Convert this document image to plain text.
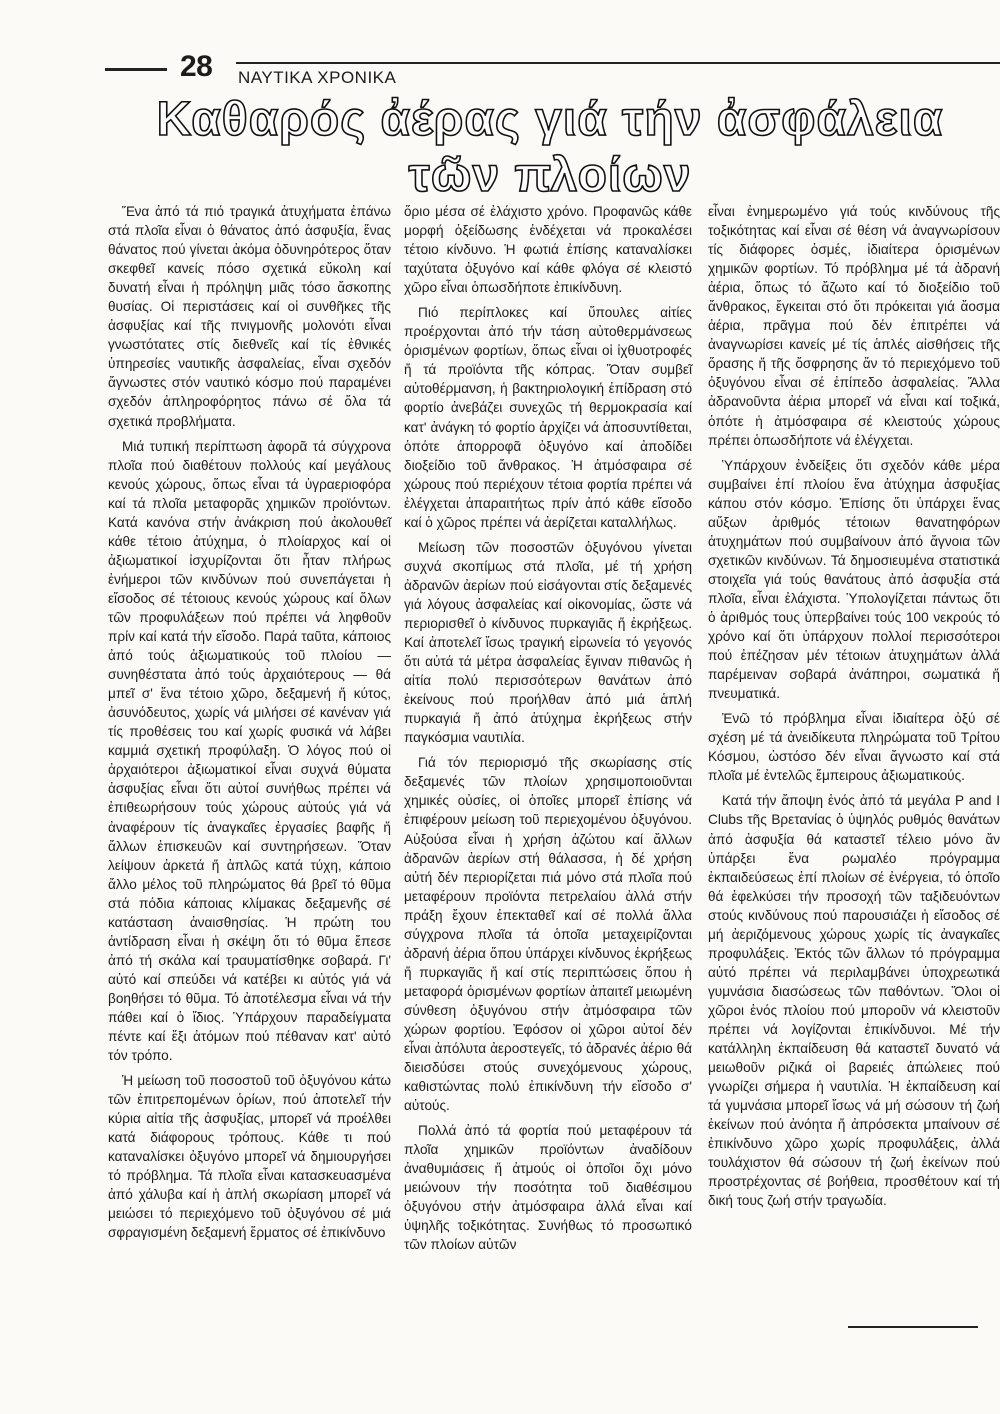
28 ΝΑΥΤΙΚΑ ΧΡΟΝΙΚΑ
Καθαρός ἀέρας γιά τήν ἀσφάλεια τῶν πλοίων

Ἕνα ἀπό τά πιό τραγικά ἀτυχήματα ἐπάνω στά πλοῖα εἶναι ὁ θάνατος ἀπό ἀσφυξία, ἕνας θάνατος πού γίνεται ἀκόμα ὀδυνηρότερος ὅταν σκεφθεῖ κανείς πόσο σχετικά εὔκολη καί δυνατή εἶναι ἡ πρόληψη μιᾶς τόσο ἄσκοπης θυσίας. Οἱ περιστάσεις καί οἱ συνθῆκες τῆς ἀσφυξίας καί τῆς πνιγμονῆς μολονότι εἶναι γνωστότατες στίς διεθνεῖς καί τίς ἐθνικές ὑπηρεσίες ναυτικῆς ἀσφαλείας, εἶναι σχεδόν ἄγνωστες στόν ναυτικό κόσμο πού παραμένει σχεδόν ἀπληροφόρητος πάνω σέ ὅλα τά σχετικά προβλήματα.

Μιά τυπική περίπτωση ἀφορᾶ τά σύγχρονα πλοῖα πού διαθέτουν πολλούς καί μεγάλους κενούς χώρους, ὅπως εἶναι τά ὑγραεριοφόρα καί τά πλοῖα μεταφορᾶς χημικῶν προϊόντων. Κατά κανόνα στήν ἀνάκριση πού ἀκολουθεῖ κάθε τέτοιο ἀτύχημα, ὁ πλοίαρχος καί οἱ ἀξιωματικοί ἰσχυρίζονται ὅτι ἦταν πλήρως ἐνήμεροι τῶν κινδύνων πού συνεπάγεται ἡ εἴσοδος σέ τέτοιους κενούς χώρους καί ὅλων τῶν προφυλάξεων πού πρέπει νά ληφθοῦν πρίν καί κατά τήν εἴσοδο. Παρά ταῦτα, κάποιος ἀπό τούς ἀξιωματικούς τοῦ πλοίου — συνηθέστατα ἀπό τούς ἀρχαιότερους — θά μπεῖ σ' ἕνα τέτοιο χῶρο, δεξαμενή ἤ κύτος, ἀσυνόδευτος, χωρίς νά μιλήσει σέ κανέναν γιά τίς προθέσεις του καί χωρίς φυσικά νά λάβει καμμιά σχετική προφύλαξη. Ὁ λόγος πού οἱ ἀρχαιότεροι ἀξιωματικοί εἶναι συχνά θύματα ἀσφυξίας εἶναι ὅτι αὐτοί συνήθως πρέπει νά ἐπιθεωρήσουν τούς χώρους αὐτούς γιά νά ἀναφέρουν τίς ἀναγκαῖες ἐργασίες βαφῆς ἤ ἄλλων ἐπισκευῶν καί συντηρήσεων. Ὅταν λείψουν ἀρκετά ἤ ἁπλῶς κατά τύχη, κάποιο ἄλλο μέλος τοῦ πληρώματος θά βρεῖ τό θῦμα στά πόδια κάποιας κλίμακας δεξαμενῆς σέ κατάσταση ἀναισθησίας. Ἡ πρώτη του ἀντίδραση εἶναι ἡ σκέψη ὅτι τό θῦμα ἔπεσε ἀπό τή σκάλα καί τραυματίσθηκε σοβαρά. Γι' αὐτό καί σπεύδει νά κατέβει κι αὐτός γιά νά βοηθήσει τό θῦμα. Τό ἀποτέλεσμα εἶναι νά τήν πάθει καί ὁ ἴδιος. Ὑπάρχουν παραδείγματα πέντε καί ἕξι ἀτόμων πού πέθαναν κατ' αὐτό τόν τρόπο.

Ἡ μείωση τοῦ ποσοστοῦ τοῦ ὀξυγόνου κάτω τῶν ἐπιτρεπομένων ὁρίων, πού ἀποτελεῖ τήν κύρια αἰτία τῆς ἀσφυξίας, μπορεῖ νά προέλθει κατά διάφορους τρόπους. Κάθε τι πού καταναλίσκει ὀξυγόνο μπορεῖ νά δημιουργήσει τό πρόβλημα. Τά πλοῖα εἶναι κατασκευασμένα ἀπό χάλυβα καί ἡ ἁπλή σκωρίαση μπορεῖ νά μειώσει τό περιεχόμενο τοῦ ὀξυγόνου σέ μιά σφραγισμένη δεξαμενή ἕρματος σέ ἐπικίνδυνο

ὅριο μέσα σέ ἐλάχιστο χρόνο. Προφανῶς κάθε μορφή ὀξείδωσης ἐνδέχεται νά προκαλέσει τέτοιο κίνδυνο. Ἡ φωτιά ἐπίσης καταναλίσκει ταχύτατα ὀξυγόνο καί κάθε φλόγα σέ κλειστό χῶρο εἶναι ὁπωσδήποτε ἐπικίνδυνη.

Πιό περίπλοκες καί ὕπουλες αἰτίες προέρχονται ἀπό τήν τάση αὐτοθερμάνσεως ὁρισμένων φορτίων, ὅπως εἶναι οἱ ἰχθυοτροφές ἤ τά προϊόντα τῆς κόπρας. Ὅταν συμβεῖ αὐτοθέρμανση, ἡ βακτηριολογική ἐπίδραση στό φορτίο ἀνεβάζει συνεχῶς τή θερμοκρασία καί κατ' ἀνάγκη τό φορτίο ἀρχίζει νά ἀποσυντίθεται, ὁπότε ἀπορροφᾶ ὀξυγόνο καί ἀποδίδει διοξείδιο τοῦ ἄνθρακος. Ἡ ἀτμόσφαιρα σέ χώρους πού περιέχουν τέτοια φορτία πρέπει νά ἐλέγχεται ἀπαραιτήτως πρίν ἀπό κάθε εἴσοδο καί ὁ χῶρος πρέπει νά ἀερίζεται καταλλήλως.

Μείωση τῶν ποσοστῶν ὀξυγόνου γίνεται συχνά σκοπίμως στά πλοῖα, μέ τή χρήση ἀδρανῶν ἀερίων πού εἰσάγονται στίς δεξαμενές γιά λόγους ἀσφαλείας καί οἰκονομίας, ὥστε νά περιορισθεῖ ὁ κίνδυνος πυρκαγιᾶς ἤ ἐκρήξεως. Καί ἀποτελεῖ ἴσως τραγική εἰρωνεία τό γεγονός ὅτι αὐτά τά μέτρα ἀσφαλείας ἔγιναν πιθανῶς ἡ αἰτία πολύ περισσότερων θανάτων ἀπό ἐκείνους πού προήλθαν ἀπό μιά ἁπλή πυρκαγιά ἤ ἀπό ἀτύχημα ἐκρήξεως στήν παγκόσμια ναυτιλία.

Γιά τόν περιορισμό τῆς σκωρίασης στίς δεξαμενές τῶν πλοίων χρησιμοποιοῦνται χημικές οὐσίες, οἱ ὁποῖες μπορεῖ ἐπίσης νά ἐπιφέρουν μείωση τοῦ περιεχομένου ὀξυγόνου. Αὐξούσα εἶναι ἡ χρήση ἀζώτου καί ἄλλων ἀδρανῶν ἀερίων στή θάλασσα, ἡ δέ χρήση αὐτή δέν περιορίζεται πιά μόνο στά πλοῖα πού μεταφέρουν προϊόντα πετρελαίου ἀλλά στήν πράξη ἔχουν ἐπεκταθεῖ καί σέ πολλά ἄλλα σύγχρονα πλοῖα τά ὁποῖα μεταχειρίζονται ἀδρανή ἀέρια ὅπου ὑπάρχει κίνδυνος ἐκρήξεως ἤ πυρκαγιᾶς ἤ καί στίς περιπτώσεις ὅπου ἡ μεταφορά ὁρισμένων φορτίων ἀπαιτεῖ μειωμένη σύνθεση ὀξυγόνου στήν ἀτμόσφαιρα τῶν χώρων φορτίου. Ἐφόσον οἱ χῶροι αὐτοί δέν εἶναι ἀπόλυτα ἀεροστεγεῖς, τό ἀδρανές ἀέριο θά διεισδύσει στούς συνεχόμενους χώρους, καθιστώντας πολύ ἐπικίνδυνη τήν εἴσοδο σ' αὐτούς.

Πολλά ἀπό τά φορτία πού μεταφέρουν τά πλοῖα χημικῶν προϊόντων ἀναδίδουν ἀναθυμιάσεις ἤ ἀτμούς οἱ ὁποῖοι ὄχι μόνο μειώνουν τήν ποσότητα τοῦ διαθέσιμου ὀξυγόνου στήν ἀτμόσφαιρα ἀλλά εἶναι καί ὑψηλῆς τοξικότητας. Συνήθως τό προσωπικό τῶν πλοίων αὐτῶν

εἶναι ἐνημερωμένο γιά τούς κινδύνους τῆς τοξικότητας καί εἶναι σέ θέση νά ἀναγνωρίσουν τίς διάφορες ὀσμές, ἰδιαίτερα ὁρισμένων χημικῶν φορτίων. Τό πρόβλημα μέ τά ἀδρανή ἀέρια, ὅπως τό ἄζωτο καί τό διοξείδιο τοῦ ἄνθρακος, ἔγκειται στό ὅτι πρόκειται γιά ἄοσμα ἀέρια, πρᾶγμα πού δέν ἐπιτρέπει νά ἀναγνωρίσει κανείς μέ τίς ἁπλές αἰσθήσεις τῆς ὅρασης ἤ τῆς ὄσφρησης ἄν τό περιεχόμενο τοῦ ὀξυγόνου εἶναι σέ ἐπίπεδο ἀσφαλείας. Ἄλλα ἀδρανοῦντα ἀέρια μπορεῖ νά εἶναι καί τοξικά, ὁπότε ἡ ἀτμόσφαιρα σέ κλειστούς χώρους πρέπει ὁπωσδήποτε νά ἐλέγχεται.

Ὑπάρχουν ἐνδείξεις ὅτι σχεδόν κάθε μέρα συμβαίνει ἐπί πλοίου ἕνα ἀτύχημα ἀσφυξίας κάπου στόν κόσμο. Ἐπίσης ὅτι ὑπάρχει ἕνας αὔξων ἀριθμός τέτοιων θανατηφόρων ἀτυχημάτων πού συμβαίνουν ἀπό ἄγνοια τῶν σχετικῶν κινδύνων. Τά δημοσιευμένα στατιστικά στοιχεῖα γιά τούς θανάτους ἀπό ἀσφυξία στά πλοῖα, εἶναι ἐλάχιστα. Ὑπολογίζεται πάντως ὅτι ὁ ἀριθμός τους ὑπερβαίνει τούς 100 νεκρούς τό χρόνο καί ὅτι ὑπάρχουν πολλοί περισσότεροι πού ἐπέζησαν μέν τέτοιων ἀτυχημάτων ἀλλά παρέμειναν σοβαρά ἀνάπηροι, σωματικά ἤ πνευματικά.

Ἐνῶ τό πρόβλημα εἶναι ἰδιαίτερα ὀξύ σέ σχέση μέ τά ἀνειδίκευτα πληρώματα τοῦ Τρίτου Κόσμου, ὡστόσο δέν εἶναι ἄγνωστο καί στά πλοῖα μέ ἐντελῶς ἔμπειρους ἀξιωματικούς.

Κατά τήν ἄποψη ἑνός ἀπό τά μεγάλα P and I Clubs τῆς Βρετανίας ὁ ὑψηλός ρυθμός θανάτων ἀπό ἀσφυξία θά καταστεῖ τέλειο μόνο ἄν ὑπάρξει ἕνα ρωμαλέο πρόγραμμα ἐκπαιδεύσεως ἐπί πλοίων σέ ἐνέργεια, τό ὁποῖο θά ἑφελκύσει τήν προσοχή τῶν ταξιδευόντων στούς κινδύνους πού παρουσιάζει ἡ εἴσοδος σέ μή ἀεριζόμενους χώρους χωρίς τίς ἀναγκαῖες προφυλάξεις. Ἐκτός τῶν ἄλλων τό πρόγραμμα αὐτό πρέπει νά περιλαμβάνει ὑποχρεωτικά γυμνάσια διασώσεως τῶν παθόντων. Ὅλοι οἱ χῶροι ἑνός πλοίου πού μποροῦν νά κλειστοῦν πρέπει νά λογίζονται ἐπικίνδυνοι. Μέ τήν κατάλληλη ἐκπαίδευση θά καταστεῖ δυνατό νά μειωθοῦν ριζικά οἱ βαρειές ἀπώλειες πού γνωρίζει σήμερα ἡ ναυτιλία. Ἡ ἐκπαίδευση καί τά γυμνάσια μπορεῖ ἴσως νά μή σώσουν τή ζωή ἐκείνων πού ἀνόητα ἤ ἀπρόσεκτα μπαίνουν σέ ἐπικίνδυνο χῶρο χωρίς προφυλάξεις, ἀλλά τουλάχιστον θά σώσουν τή ζωή ἐκείνων πού προστρέχοντας σέ βοήθεια, προσθέτουν καί τή δική τους ζωή στήν τραγωδία.
